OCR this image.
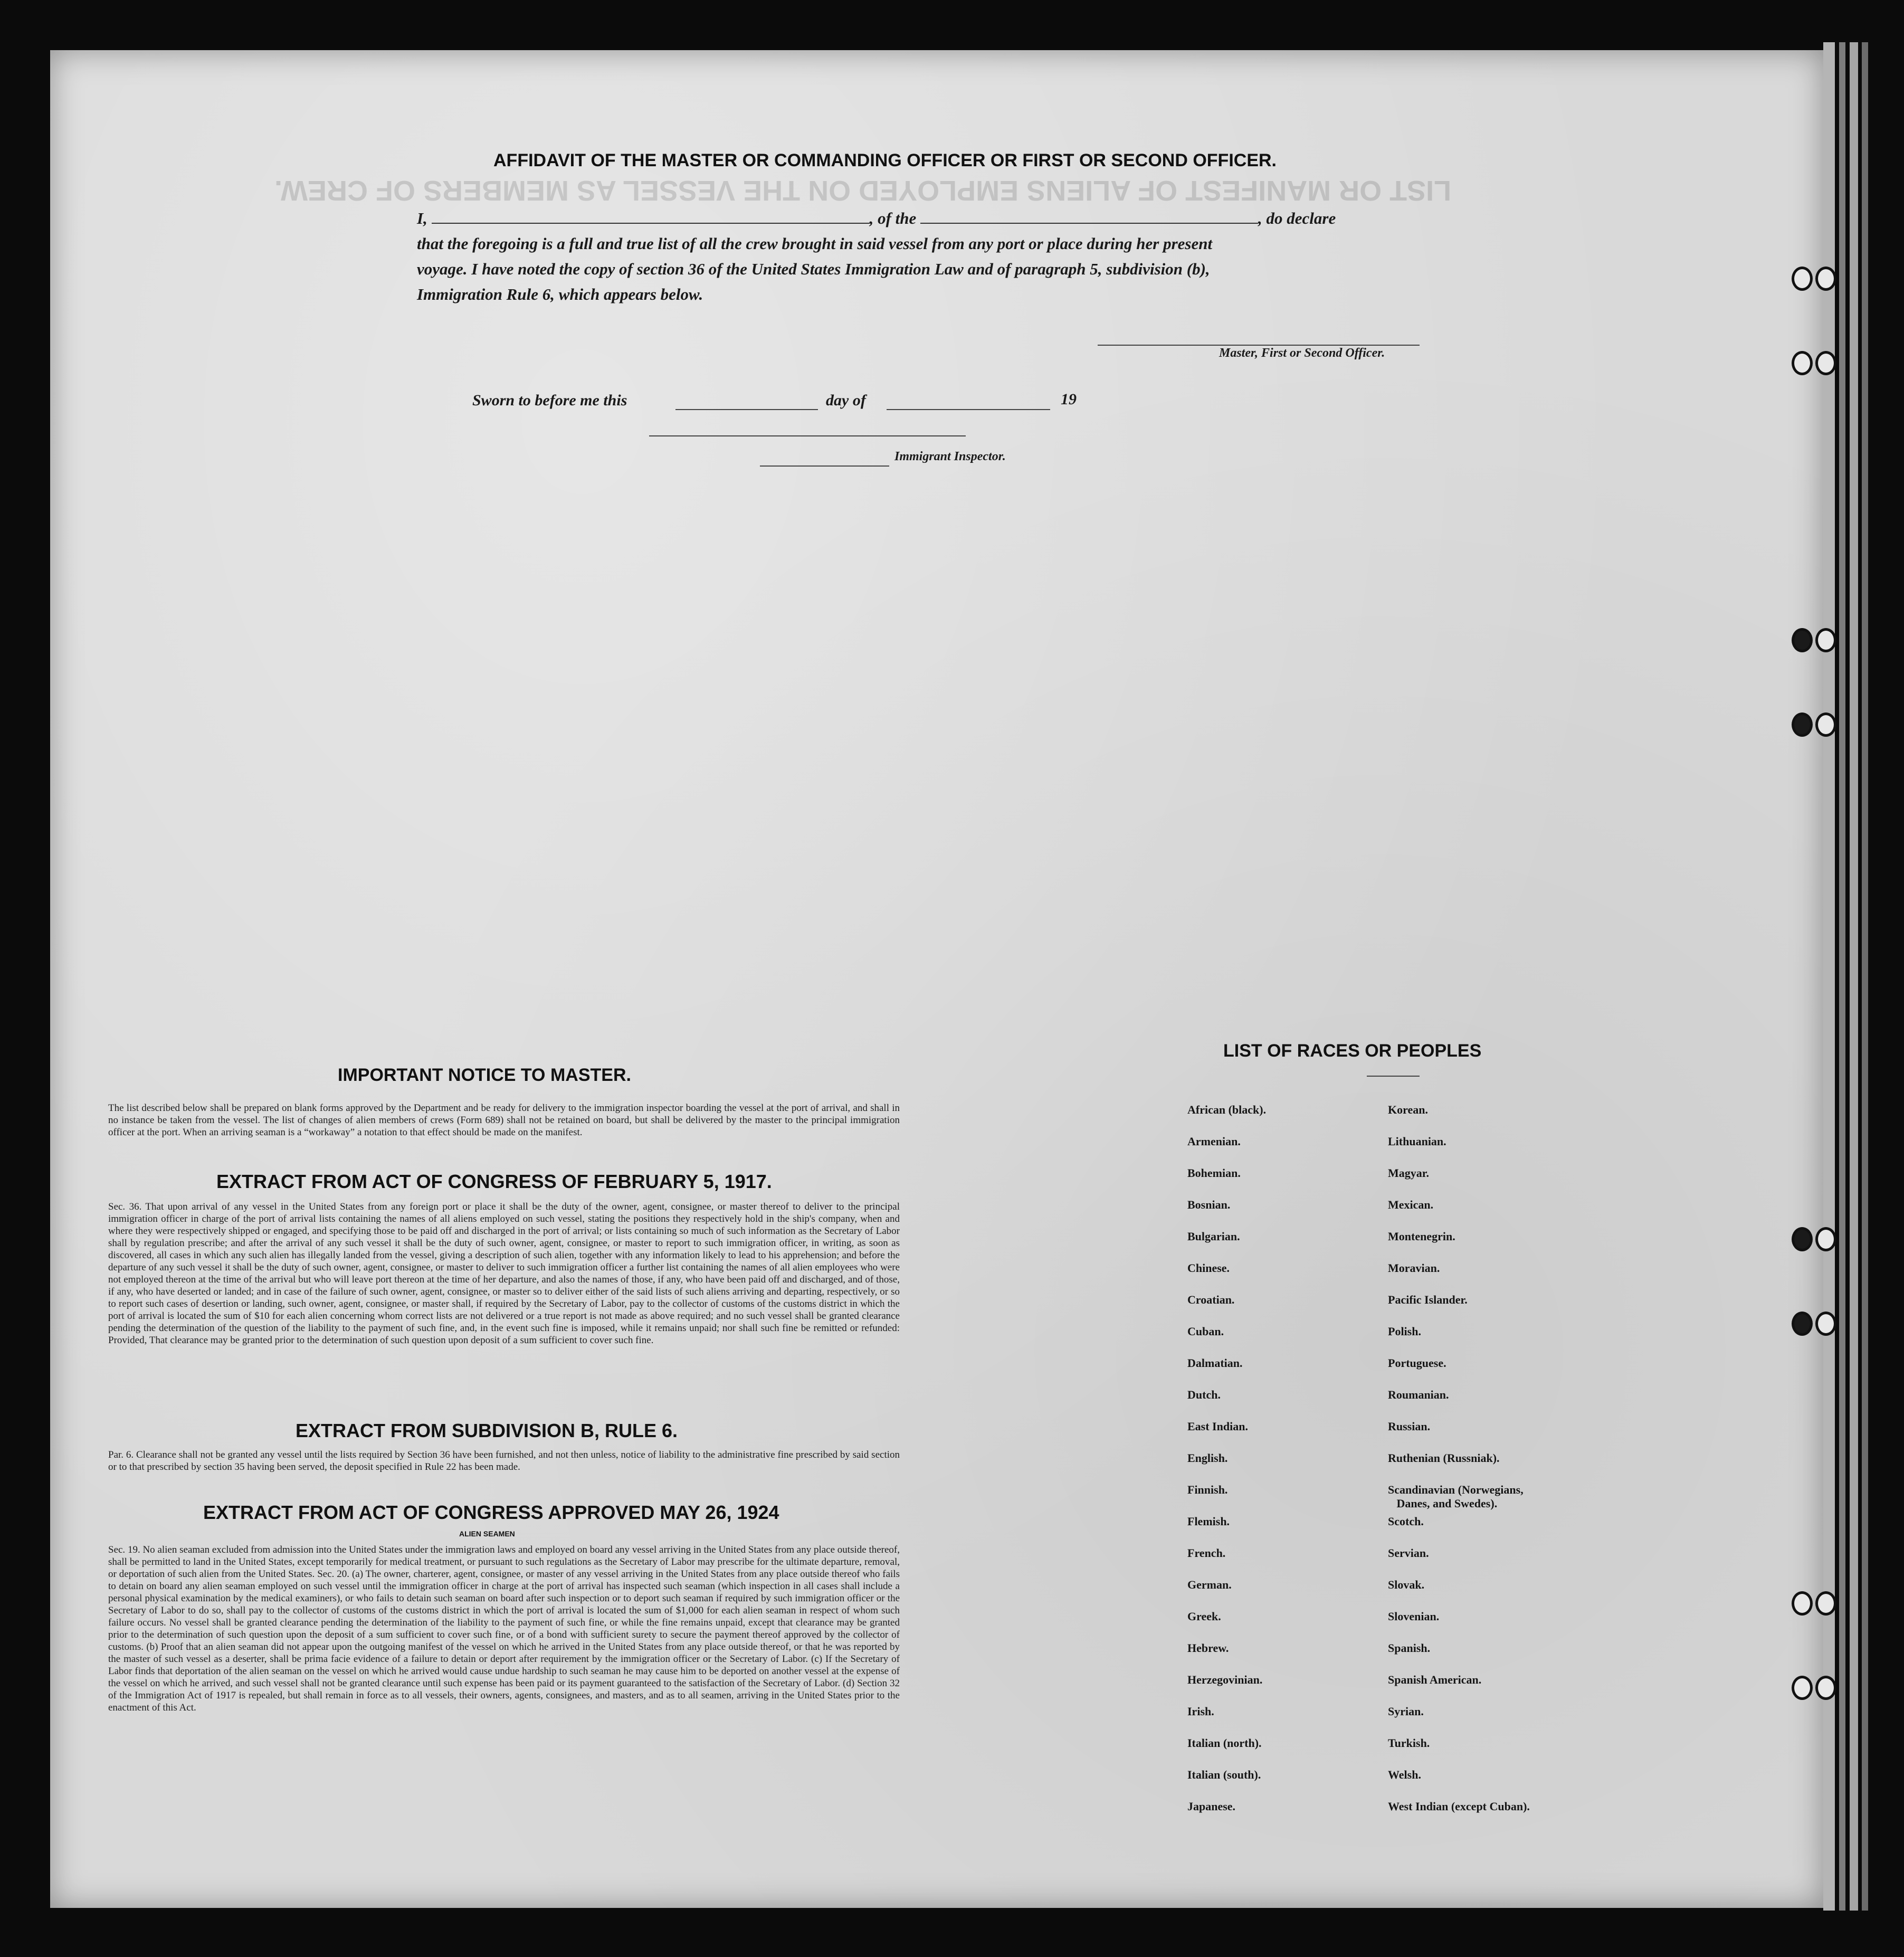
LIST OR MANIFEST OF ALIENS EMPLOYED ON THE VESSEL AS MEMBERS OF CREW.
AFFIDAVIT OF THE MASTER OR COMMANDING OFFICER OR FIRST OR SECOND OFFICER.
I,	, of the	, do declare
that the foregoing is a full and true list of all the crew brought in said vessel from any port or place during her present
voyage. I have noted the copy of section 36 of the United States Immigration Law and of paragraph 5, subdivision (b),
Immigration Rule 6, which appears below.
Master, First or Second Officer.
Sworn to before me this	day of	19
Immigrant Inspector.
IMPORTANT NOTICE TO MASTER.
The list described below shall be prepared on blank forms approved by the Department and be ready for delivery to the immigration inspector boarding the vessel at the port of arrival, and shall in no instance be taken from the vessel. The list of changes of alien members of crews (Form 689) shall not be retained on board, but shall be delivered by the master to the principal immigration officer at the port. When an arriving seaman is a “workaway” a notation to that effect should be made on the manifest.
EXTRACT FROM ACT OF CONGRESS OF FEBRUARY 5, 1917.
Sec. 36. That upon arrival of any vessel in the United States from any foreign port or place it shall be the duty of the owner, agent, consignee, or master thereof to deliver to the principal immigration officer in charge of the port of arrival lists containing the names of all aliens employed on such vessel, stating the positions they respectively hold in the ship's company, when and where they were respectively shipped or engaged, and specifying those to be paid off and discharged in the port of arrival; or lists containing so much of such information as the Secretary of Labor shall by regulation prescribe; and after the arrival of any such vessel it shall be the duty of such owner, agent, consignee, or master to report to such immigration officer, in writing, as soon as discovered, all cases in which any such alien has illegally landed from the vessel, giving a description of such alien, together with any information likely to lead to his apprehension; and before the departure of any such vessel it shall be the duty of such owner, agent, consignee, or master to deliver to such immigration officer a further list containing the names of all alien employees who were not employed thereon at the time of the arrival but who will leave port thereon at the time of her departure, and also the names of those, if any, who have been paid off and discharged, and of those, if any, who have deserted or landed; and in case of the failure of such owner, agent, consignee, or master so to deliver either of the said lists of such aliens arriving and departing, respectively, or so to report such cases of desertion or landing, such owner, agent, consignee, or master shall, if required by the Secretary of Labor, pay to the collector of customs of the customs district in which the port of arrival is located the sum of $10 for each alien concerning whom correct lists are not delivered or a true report is not made as above required; and no such vessel shall be granted clearance pending the determination of the question of the liability to the payment of such fine, and, in the event such fine is imposed, while it remains unpaid; nor shall such fine be remitted or refunded: Provided, That clearance may be granted prior to the determination of such question upon deposit of a sum sufficient to cover such fine.
EXTRACT FROM SUBDIVISION B, RULE 6.
Par. 6. Clearance shall not be granted any vessel until the lists required by Section 36 have been furnished, and not then unless, notice of liability to the administrative fine prescribed by said section or to that prescribed by section 35 having been served, the deposit specified in Rule 22 has been made.
EXTRACT FROM ACT OF CONGRESS APPROVED MAY 26, 1924
ALIEN SEAMEN
Sec. 19. No alien seaman excluded from admission into the United States under the immigration laws and employed on board any vessel arriving in the United States from any place outside thereof, shall be permitted to land in the United States, except temporarily for medical treatment, or pursuant to such regulations as the Secretary of Labor may prescribe for the ultimate departure, removal, or deportation of such alien from the United States. Sec. 20. (a) The owner, charterer, agent, consignee, or master of any vessel arriving in the United States from any place outside thereof who fails to detain on board any alien seaman employed on such vessel until the immigration officer in charge at the port of arrival has inspected such seaman (which inspection in all cases shall include a personal physical examination by the medical examiners), or who fails to detain such seaman on board after such inspection or to deport such seaman if required by such immigration officer or the Secretary of Labor to do so, shall pay to the collector of customs of the customs district in which the port of arrival is located the sum of $1,000 for each alien seaman in respect of whom such failure occurs. No vessel shall be granted clearance pending the determination of the liability to the payment of such fine, or while the fine remains unpaid, except that clearance may be granted prior to the determination of such question upon the deposit of a sum sufficient to cover such fine, or of a bond with sufficient surety to secure the payment thereof approved by the collector of customs. (b) Proof that an alien seaman did not appear upon the outgoing manifest of the vessel on which he arrived in the United States from any place outside thereof, or that he was reported by the master of such vessel as a deserter, shall be prima facie evidence of a failure to detain or deport after requirement by the immigration officer or the Secretary of Labor. (c) If the Secretary of Labor finds that deportation of the alien seaman on the vessel on which he arrived would cause undue hardship to such seaman he may cause him to be deported on another vessel at the expense of the vessel on which he arrived, and such vessel shall not be granted clearance until such expense has been paid or its payment guaranteed to the satisfaction of the Secretary of Labor. (d) Section 32 of the Immigration Act of 1917 is repealed, but shall remain in force as to all vessels, their owners, agents, consignees, and masters, and as to all seamen, arriving in the United States prior to the enactment of this Act.
LIST OF RACES OR PEOPLES
African (black).
Armenian.
Bohemian.
Bosnian.
Bulgarian.
Chinese.
Croatian.
Cuban.
Dalmatian.
Dutch.
East Indian.
English.
Finnish.
Flemish.
French.
German.
Greek.
Hebrew.
Herzegovinian.
Irish.
Italian (north).
Italian (south).
Japanese.
Korean.
Lithuanian.
Magyar.
Mexican.
Montenegrin.
Moravian.
Pacific Islander.
Polish.
Portuguese.
Roumanian.
Russian.
Ruthenian (Russniak).
Scandinavian (Norwegians,
Danes, and Swedes).
Scotch.
Servian.
Slovak.
Slovenian.
Spanish.
Spanish American.
Syrian.
Turkish.
Welsh.
West Indian (except Cuban).
